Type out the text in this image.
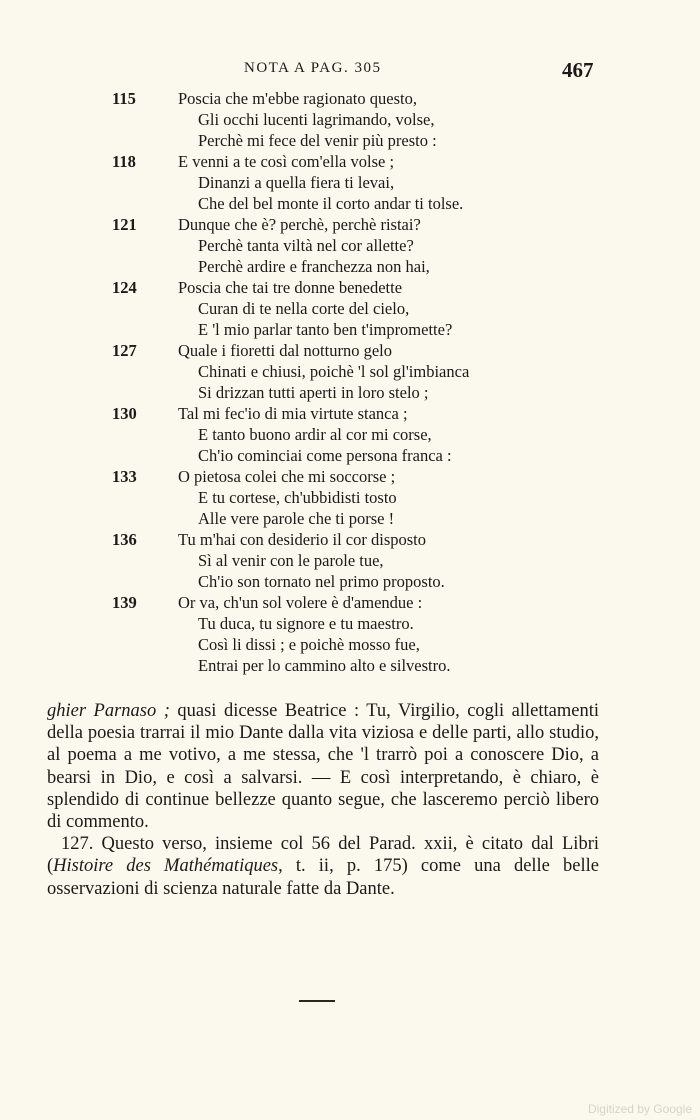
NOTA A PAG. 305	467
115	Poscia che m'ebbe ragionato questo,
Gli occhi lucenti lagrimando, volse,
Perchè mi fece del venir più presto :
118	E venni a te così com'ella volse ;
Dinanzi a quella fiera ti levai,
Che del bel monte il corto andar ti tolse.
121	Dunque che è? perchè, perchè ristai?
Perchè tanta viltà nel cor allette?
Perchè ardire e franchezza non hai,
124	Poscia che tai tre donne benedette
Curan di te nella corte del cielo,
E 'l mio parlar tanto ben t'impromette?
127	Quale i fioretti dal notturno gelo
Chinati e chiusi, poichè 'l sol gl'imbianca
Si drizzan tutti aperti in loro stelo ;
130	Tal mi fec'io di mia virtute stanca ;
E tanto buono ardir al cor mi corse,
Ch'io cominciai come persona franca :
133	O pietosa colei che mi soccorse ;
E tu cortese, ch'ubbidisti tosto
Alle vere parole che ti porse !
136	Tu m'hai con desiderio il cor disposto
Sì al venir con le parole tue,
Ch'io son tornato nel primo proposto.
139	Or va, ch'un sol volere è d'amendue :
Tu duca, tu signore e tu maestro.
Così li dissi ; e poichè mosso fue,
Entrai per lo cammino alto e silvestro.

ghier Parnaso ; quasi dicesse Beatrice : Tu, Virgilio, cogli allettamenti della poesia trarrai il mio Dante dalla vita viziosa e delle parti, allo studio, al poema a me votivo, a me stessa, che 'l trarrò poi a conoscere Dio, a bearsi in Dio, e così a salvarsi. — E così interpretando, è chiaro, è splendido di continue bellezze quanto segue, che lasceremo perciò libero di commento.

127. Questo verso, insieme col 56 del Parad. xxii, è citato dal Libri (Histoire des Mathématiques, t. ii, p. 175) come una delle belle osservazioni di scienza naturale fatte da Dante.

Digitized by Google
